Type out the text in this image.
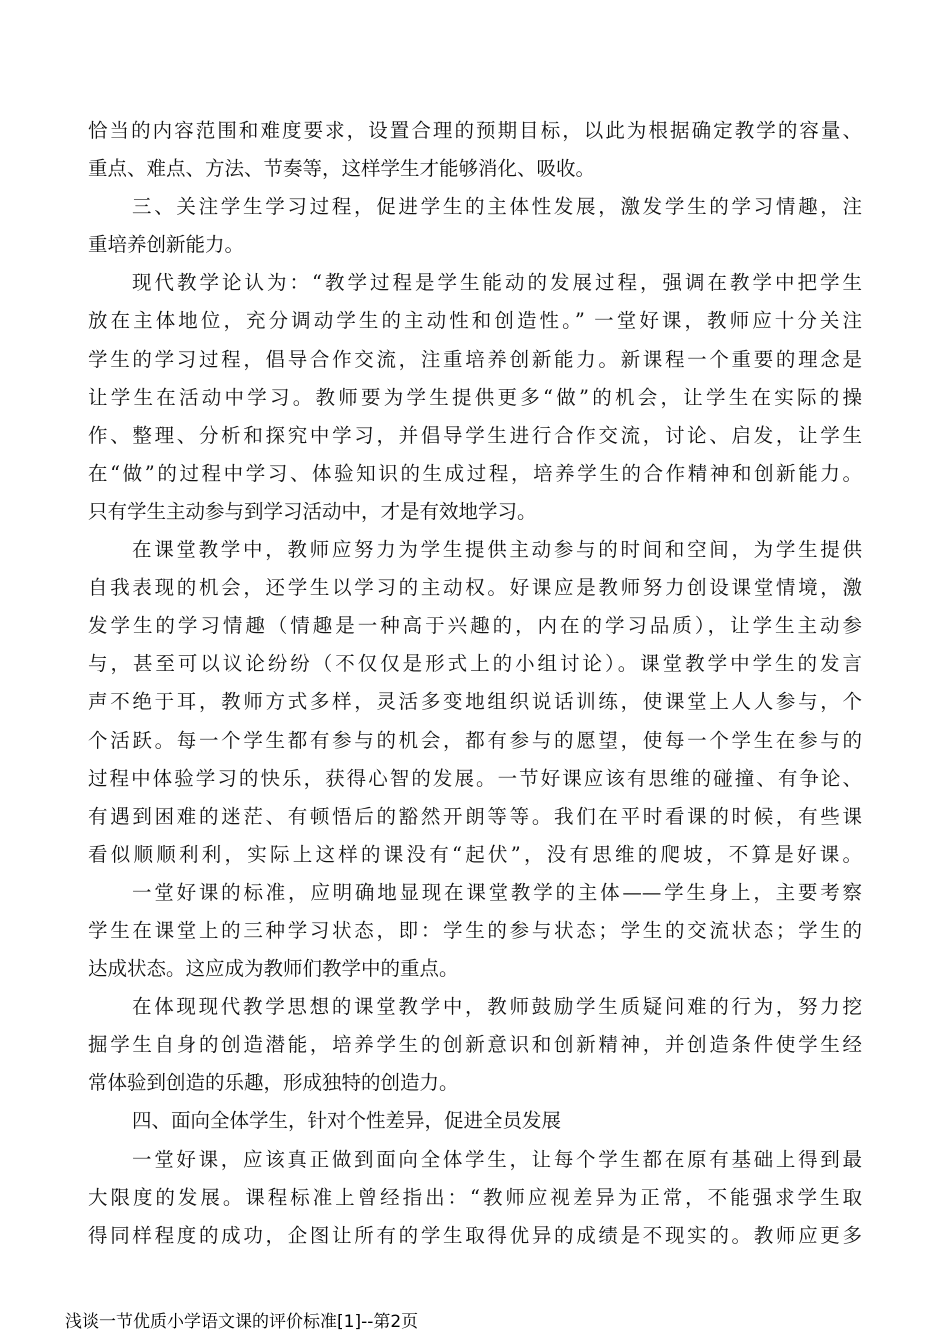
恰当的内容范围和难度要求，设置合理的预期目标，以此为根据确定教学的容量、
重点、难点、方法、节奏等，这样学生才能够消化、吸收。
三、关注学生学习过程，促进学生的主体性发展，激发学生的学习情趣，注
重培养创新能力。
现代教学论认为：“教学过程是学生能动的发展过程，强调在教学中把学生
放在主体地位，充分调动学生的主动性和创造性。” 一堂好课，教师应十分关注
学生的学习过程，倡导合作交流，注重培养创新能力。新课程一个重要的理念是
让学生在活动中学习。教师要为学生提供更多“做”的机会，让学生在实际的操
作、整理、分析和探究中学习，并倡导学生进行合作交流，讨论、启发，让学生
在“做”的过程中学习、体验知识的生成过程，培养学生的合作精神和创新能力。
只有学生主动参与到学习活动中，才是有效地学习。
在课堂教学中，教师应努力为学生提供主动参与的时间和空间，为学生提供
自我表现的机会，还学生以学习的主动权。好课应是教师努力创设课堂情境，激
发学生的学习情趣（情趣是一种高于兴趣的，内在的学习品质），让学生主动参
与，甚至可以议论纷纷（不仅仅是形式上的小组讨论）。课堂教学中学生的发言
声不绝于耳，教师方式多样，灵活多变地组织说话训练，使课堂上人人参与，个
个活跃。每一个学生都有参与的机会，都有参与的愿望，使每一个学生在参与的
过程中体验学习的快乐，获得心智的发展。一节好课应该有思维的碰撞、有争论、
有遇到困难的迷茫、有顿悟后的豁然开朗等等。我们在平时看课的时候，有些课
看似顺顺利利，实际上这样的课没有“起伏”，没有思维的爬坡，不算是好课。
一堂好课的标准，应明确地显现在课堂教学的主体——学生身上，主要考察
学生在课堂上的三种学习状态，即：学生的参与状态；学生的交流状态；学生的
达成状态。这应成为教师们教学中的重点。
在体现现代教学思想的课堂教学中，教师鼓励学生质疑问难的行为，努力挖
掘学生自身的创造潜能，培养学生的创新意识和创新精神，并创造条件使学生经
常体验到创造的乐趣，形成独特的创造力。
四、面向全体学生，针对个性差异，促进全员发展
一堂好课，应该真正做到面向全体学生，让每个学生都在原有基础上得到最
大限度的发展。课程标准上曾经指出：“教师应视差异为正常，不能强求学生取
得同样程度的成功，企图让所有的学生取得优异的成绩是不现实的。教师应更多
浅谈一节优质小学语文课的评价标准[1]--第2页
